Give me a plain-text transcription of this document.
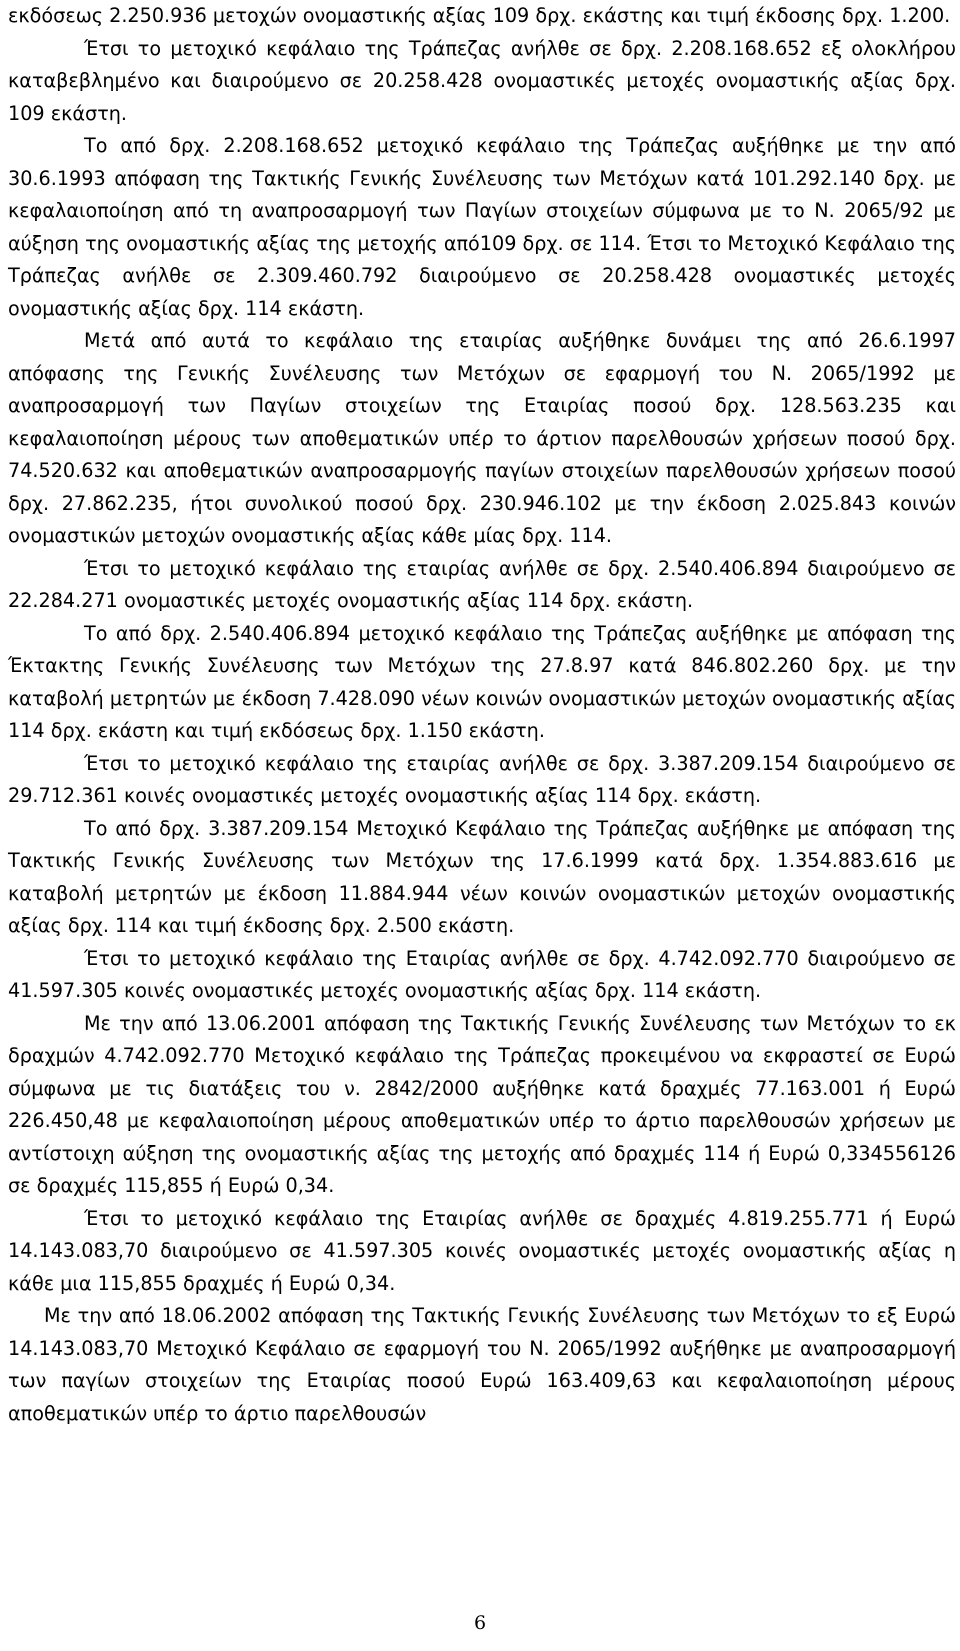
εκδόσεως 2.250.936 μετοχών ονομαστικής αξίας 109 δρχ. εκάστης και τιμή έκδοσης δρχ. 1.200.

Έτσι το μετοχικό κεφάλαιο της Τράπεζας ανήλθε σε δρχ. 2.208.168.652 εξ ολοκλήρου καταβεβλημένο και διαιρούμενο σε 20.258.428 ονομαστικές μετοχές ονομαστικής αξίας δρχ. 109 εκάστη.

Το από δρχ. 2.208.168.652 μετοχικό κεφάλαιο της Τράπεζας αυξήθηκε με την από 30.6.1993 απόφαση της Τακτικής Γενικής Συνέλευσης των Μετόχων κατά 101.292.140 δρχ. με κεφαλαιοποίηση από τη αναπροσαρμογή των Παγίων στοιχείων σύμφωνα με το Ν. 2065/92 με αύξηση της ονομαστικής αξίας της μετοχής από109 δρχ. σε 114. Έτσι το Μετοχικό Κεφάλαιο της Τράπεζας ανήλθε σε 2.309.460.792 διαιρούμενο σε 20.258.428 ονομαστικές μετοχές ονομαστικής αξίας δρχ. 114 εκάστη.

Μετά από αυτά το κεφάλαιο της εταιρίας αυξήθηκε δυνάμει της από 26.6.1997 απόφασης της Γενικής Συνέλευσης των Μετόχων σε εφαρμογή του Ν. 2065/1992 με αναπροσαρμογή των Παγίων στοιχείων της Εταιρίας ποσού δρχ. 128.563.235 και κεφαλαιοποίηση μέρους των αποθεματικών υπέρ το άρτιον παρελθουσών χρήσεων ποσού δρχ. 74.520.632 και αποθεματικών αναπροσαρμογής παγίων στοιχείων παρελθουσών χρήσεων ποσού δρχ. 27.862.235, ήτοι συνολικού ποσού δρχ. 230.946.102 με την έκδοση 2.025.843 κοινών ονομαστικών μετοχών ονομαστικής αξίας κάθε μίας δρχ. 114.

Έτσι το μετοχικό κεφάλαιο της εταιρίας ανήλθε σε δρχ. 2.540.406.894 διαιρούμενο σε 22.284.271 ονομαστικές μετοχές ονομαστικής αξίας 114 δρχ. εκάστη.

Το από δρχ. 2.540.406.894 μετοχικό κεφάλαιο της Τράπεζας αυξήθηκε με απόφαση της Έκτακτης Γενικής Συνέλευσης των Μετόχων της 27.8.97 κατά 846.802.260 δρχ. με την καταβολή μετρητών με έκδοση 7.428.090 νέων κοινών ονομαστικών μετοχών ονομαστικής αξίας 114 δρχ. εκάστη και τιμή εκδόσεως δρχ. 1.150 εκάστη.

Έτσι το μετοχικό κεφάλαιο της εταιρίας ανήλθε σε δρχ. 3.387.209.154 διαιρούμενο σε 29.712.361 κοινές ονομαστικές μετοχές ονομαστικής αξίας 114 δρχ. εκάστη.

Το από δρχ. 3.387.209.154 Μετοχικό Κεφάλαιο της Τράπεζας αυξήθηκε με απόφαση της Τακτικής Γενικής Συνέλευσης των Μετόχων της 17.6.1999 κατά δρχ. 1.354.883.616 με καταβολή μετρητών με έκδοση 11.884.944 νέων κοινών ονομαστικών μετοχών ονομαστικής αξίας δρχ. 114 και τιμή έκδοσης δρχ. 2.500 εκάστη.

Έτσι το μετοχικό κεφάλαιο της Εταιρίας ανήλθε σε δρχ. 4.742.092.770 διαιρούμενο σε 41.597.305 κοινές ονομαστικές μετοχές ονομαστικής αξίας δρχ. 114 εκάστη.

Με την από 13.06.2001 απόφαση της Τακτικής Γενικής Συνέλευσης των Μετόχων το εκ δραχμών 4.742.092.770 Μετοχικό κεφάλαιο της Τράπεζας προκειμένου να εκφραστεί σε Ευρώ σύμφωνα με τις διατάξεις του ν. 2842/2000 αυξήθηκε κατά δραχμές 77.163.001 ή Ευρώ 226.450,48 με κεφαλαιοποίηση μέρους αποθεματικών υπέρ το άρτιο παρελθουσών χρήσεων με αντίστοιχη αύξηση της ονομαστικής αξίας της μετοχής από δραχμές 114 ή Ευρώ 0,334556126 σε δραχμές 115,855 ή Ευρώ 0,34.

Έτσι το μετοχικό κεφάλαιο της Εταιρίας ανήλθε σε δραχμές 4.819.255.771 ή Ευρώ 14.143.083,70 διαιρούμενο σε 41.597.305 κοινές ονομαστικές μετοχές ονομαστικής αξίας η κάθε μια 115,855 δραχμές ή Ευρώ 0,34.

Με την από 18.06.2002 απόφαση της Τακτικής Γενικής Συνέλευσης των Μετόχων το εξ Ευρώ 14.143.083,70 Μετοχικό Κεφάλαιο σε εφαρμογή του Ν. 2065/1992 αυξήθηκε με αναπροσαρμογή των παγίων στοιχείων της Εταιρίας ποσού Ευρώ 163.409,63 και κεφαλαιοποίηση μέρους αποθεματικών υπέρ το άρτιο παρελθουσών

6
